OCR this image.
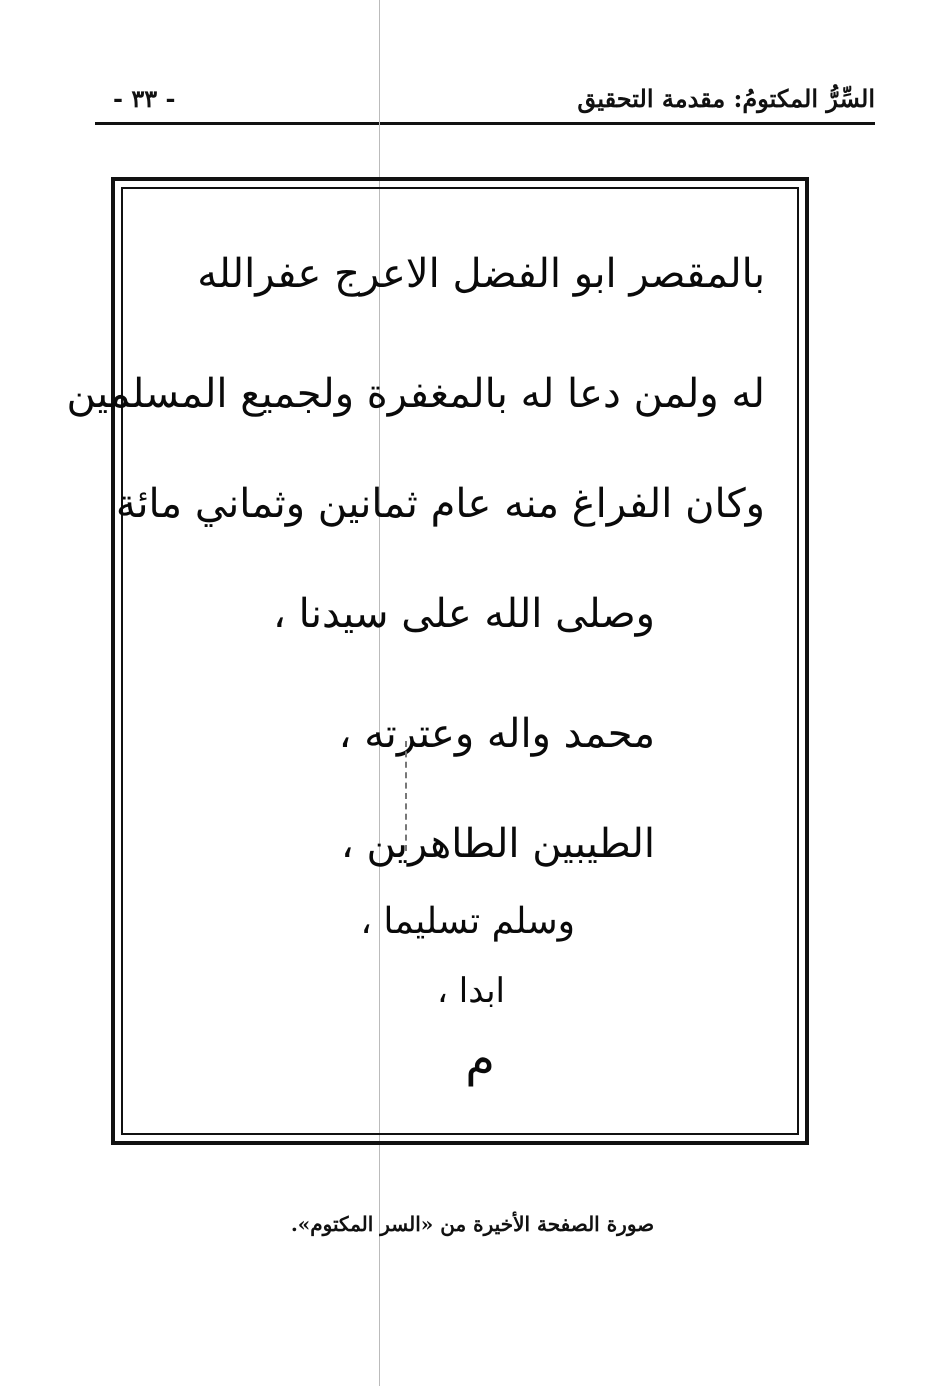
- ٣٣ -	السِّرُّ المكتومُ: مقدمة التحقيق
بالمقصر ابو الفضل الاعرج عفرالله
له ولمن دعا له بالمغفرة ولجميع المسلمين
وكان الفراغ منه عام ثمانين وثماني مائة
وصلى الله على سيدنا ،
محمد واله وعترته ،
الطيبين الطاهرين ،
وسلم تسليما ،
ابدا ،
م
صورة الصفحة الأخيرة من «السر المكتوم».
